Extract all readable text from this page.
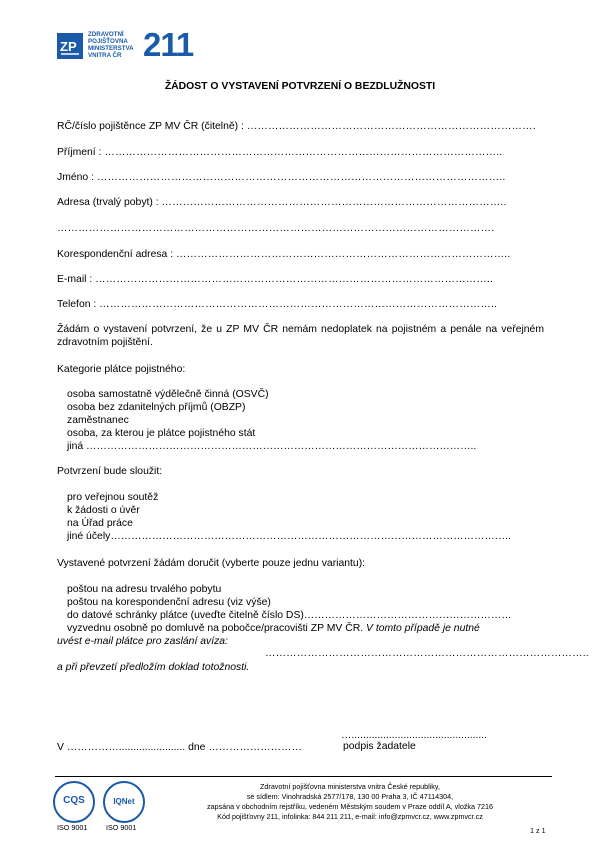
ZP
ZDRAVOTNÍ
POJIŠŤOVNA
MINISTERSTVA
VNITRA ČR 211
ŽÁDOST O VYSTAVENÍ POTVRZENÍ O BEZDLUŽNOSTI
RČ/číslo pojištěnce ZP MV ČR (čitelně) : ……………………………………………………………………….
Příjmení : …………………………………………………………………………………………………..
Jméno : ……………………………………………………………………………………………………..
Adresa (trvalý pobyt) : ……………………………………………………………………………………..
…………………………………………………………………………………………………………….
Korespondenční adresa : …………………………………………………………………………………..
E-mail : …………………………………………………………………………………………………..
Telefon : …………………………………………………………………………………………………..
Žádám o vystavení potvrzení, že u ZP MV ČR nemám nedoplatek na pojistném a penále na veřejném zdravotním pojištění.
Kategorie plátce pojistného:
osoba samostatně výdělečně činná (OSVČ)
osoba bez zdanitelných příjmů (OBZP)
zaměstnanec
osoba, za kterou je plátce pojistného stát
jiná …………………………………………………………………………………………………..
Potvrzení bude sloužit:
pro veřejnou soutěž
k žádosti o úvěr
na Úřad práce
jiné účely……………………………………………………………………………………………………..
Vystavené potvrzení žádám doručit (vyberte pouze jednu variantu):
poštou na adresu trvalého pobytu
poštou na korespondenční adresu (viz výše)
do datové schránky plátce (uveďte čitelně číslo DS)……………………………………………………
vyzvednu osobně po domluvě na pobočce/pracovišti ZP MV ČR. V tomto případě je nutné
uvést e-mail plátce pro zaslání avíza:
………………………………………………………………………………..
a při převzetí předložím doklad totožnosti.
…...............................................
V ……………....................... dne ………………………	podpis žadatele
CQS	IQNet
ISO 9001	ISO 9001
Zdravotní pojišťovna ministerstva vnitra České republiky,
se sídlem: Vinohradská 2577/178, 130 00 Praha 3, IČ 47114304,
zapsána v obchodním rejstříku, vedeném Městským soudem v Praze oddíl A, vložka 7216
Kód pojišťovny 211, infolinka: 844 211 211, e-mail: info@zpmvcr.cz, www.zpmvcr.cz
1 z 1
